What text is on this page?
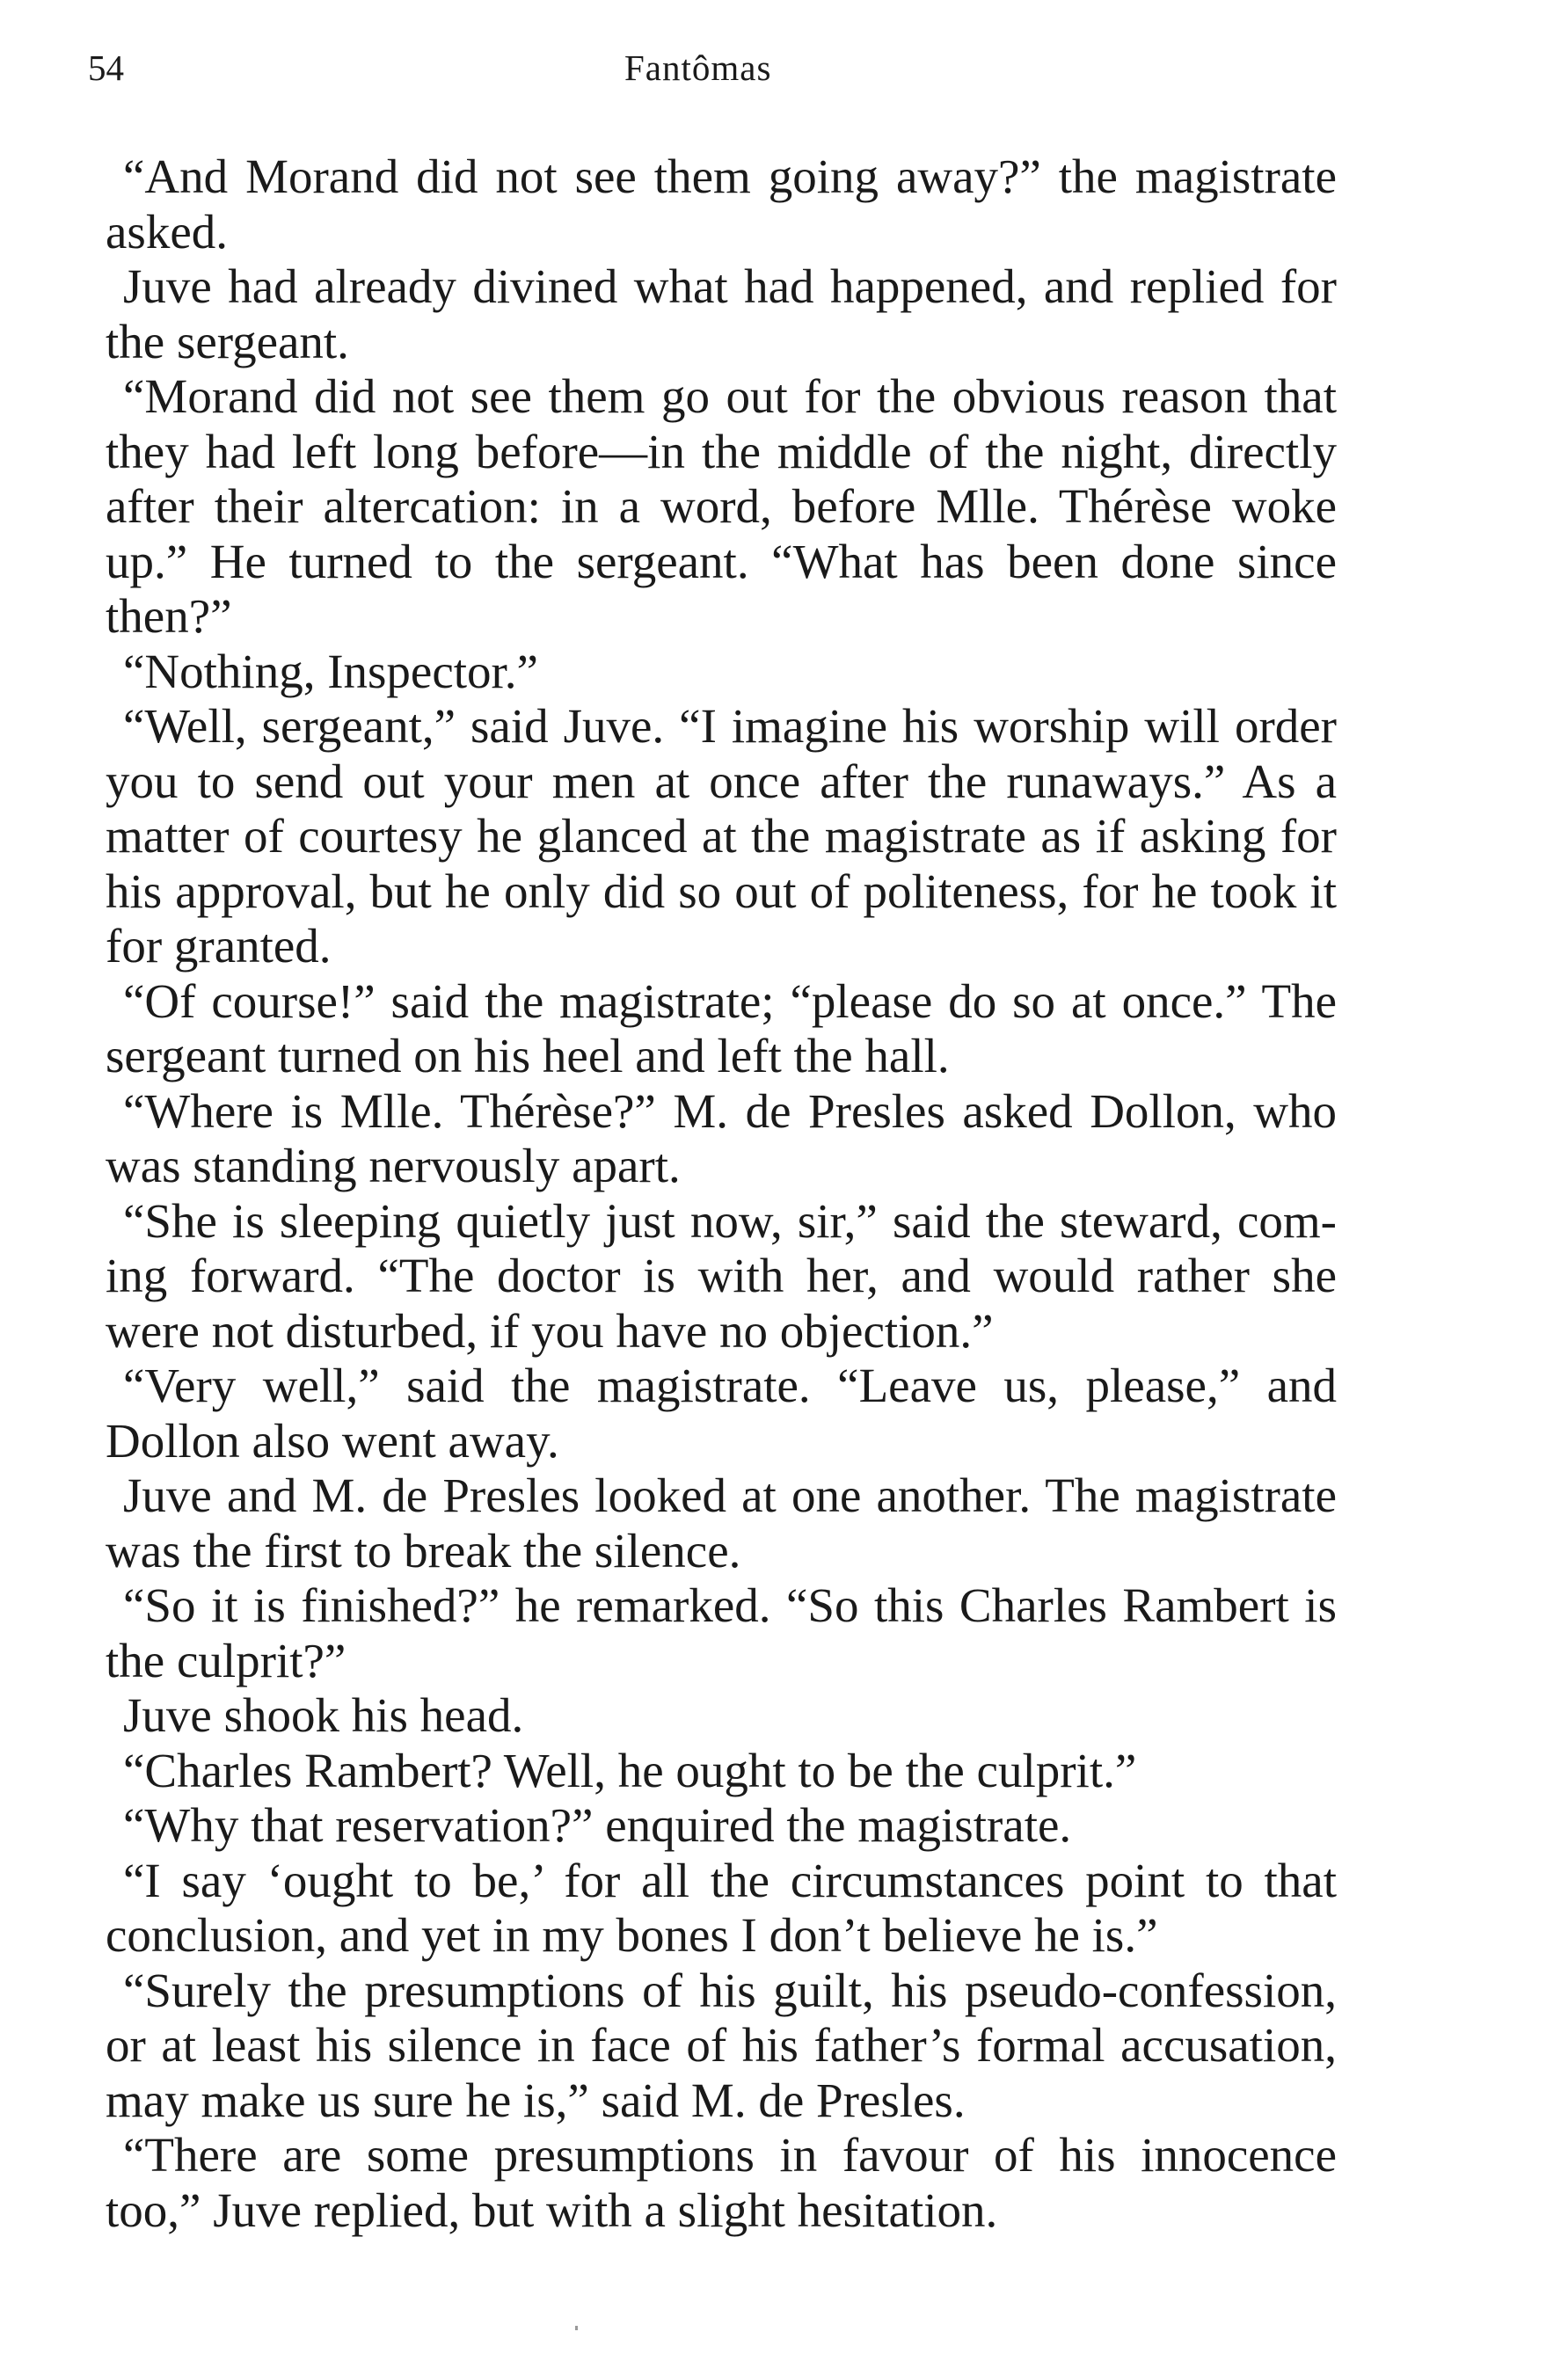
54	Fantômas

“And Morand did not see them going away?” the magistrate asked.

Juve had already divined what had happened, and replied for the sergeant.

“Morand did not see them go out for the obvious reason that they had left long before—in the middle of the night, directly after their altercation: in a word, before Mlle. Thérèse woke up.” He turned to the sergeant. “What has been done since then?”

“Nothing, Inspector.”

“Well, sergeant,” said Juve. “I imagine his worship will order you to send out your men at once after the runaways.” As a matter of courtesy he glanced at the magistrate as if asking for his approval, but he only did so out of politeness, for he took it for granted.

“Of course!” said the magistrate; “please do so at once.” The sergeant turned on his heel and left the hall.

“Where is Mlle. Thérèse?” M. de Presles asked Dollon, who was standing nervously apart.

“She is sleeping quietly just now, sir,” said the steward, coming forward. “The doctor is with her, and would rather she were not disturbed, if you have no objection.”

“Very well,” said the magistrate. “Leave us, please,” and Dollon also went away.

Juve and M. de Presles looked at one another. The magistrate was the first to break the silence.

“So it is finished?” he remarked. “So this Charles Rambert is the culprit?”

Juve shook his head.

“Charles Rambert? Well, he ought to be the culprit.”

“Why that reservation?” enquired the magistrate.

“I say ‘ought to be,’ for all the circumstances point to that conclusion, and yet in my bones I don’t believe he is.”

“Surely the presumptions of his guilt, his pseudo-confession, or at least his silence in face of his father’s formal accusation, may make us sure he is,” said M. de Presles.

“There are some presumptions in favour of his innocence too,” Juve replied, but with a slight hesitation.
